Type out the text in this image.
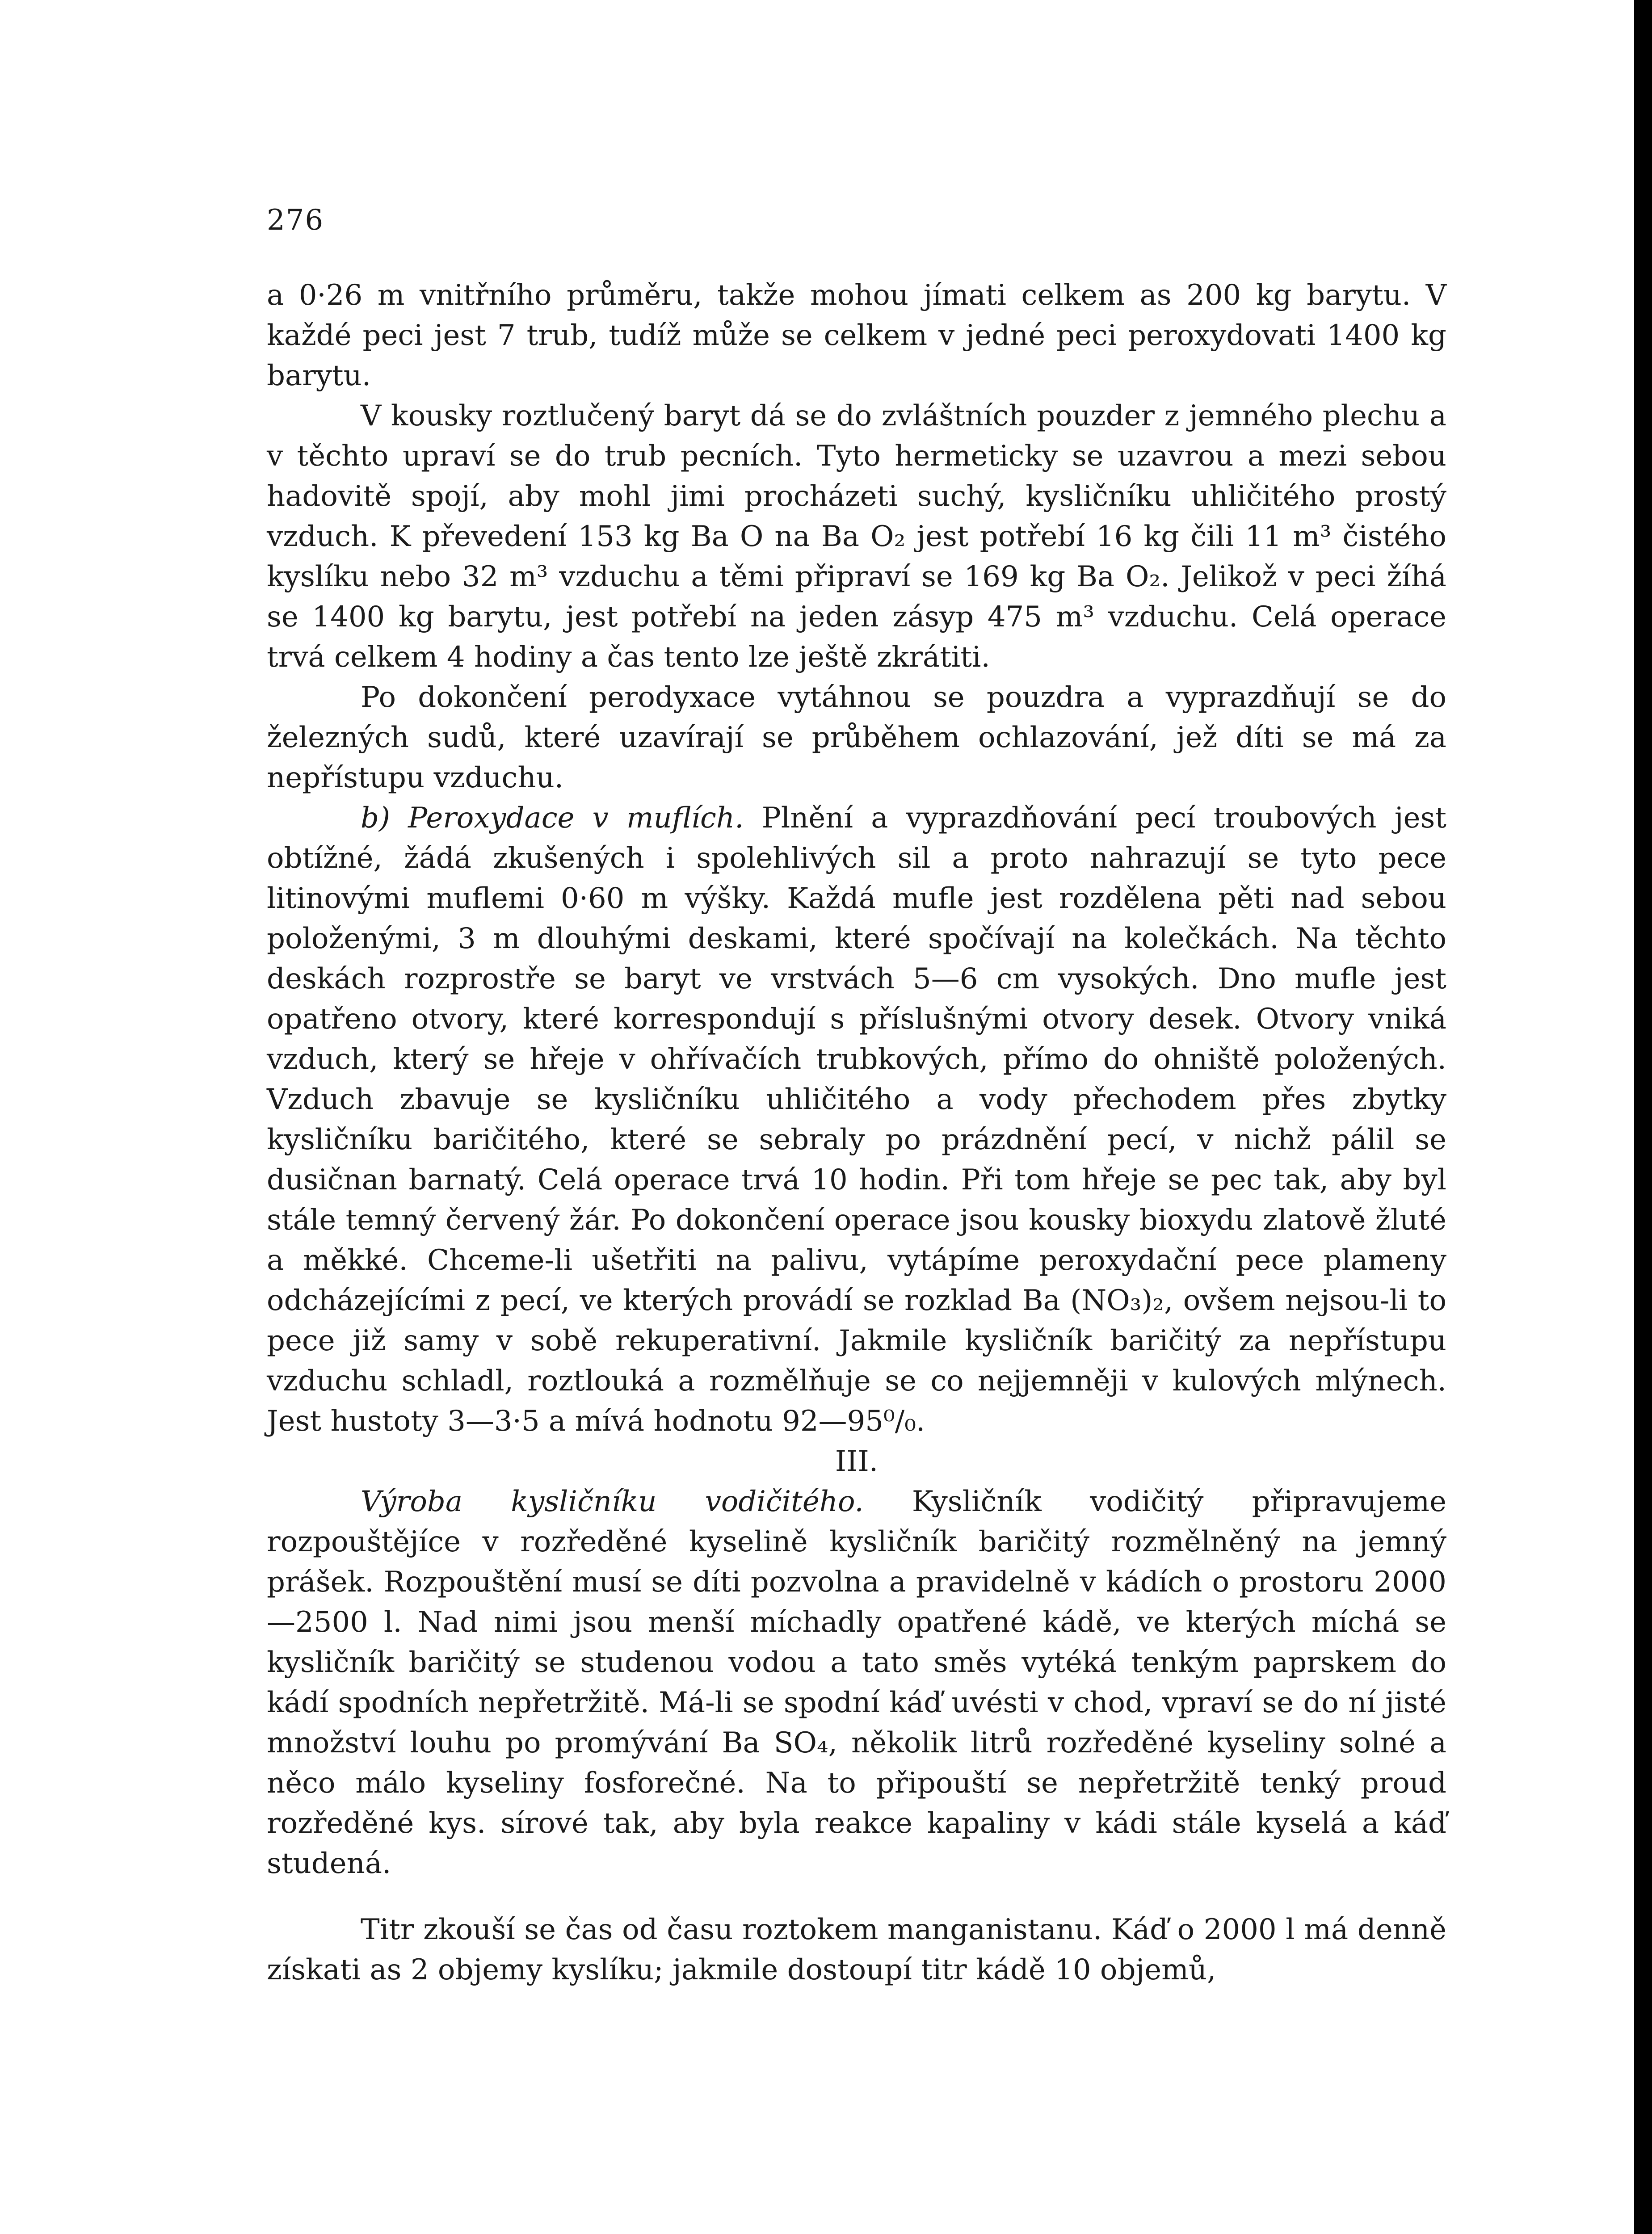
276

a 0·26 m vnitřního průměru, takže mohou jímati celkem as 200 kg barytu. V každé peci jest 7 trub, tudíž může se celkem v jedné peci peroxydovati 1400 kg barytu.

V kousky roztlučený baryt dá se do zvláštních pouzder z jemného plechu a v těchto upraví se do trub pecních. Tyto hermeticky se uzavrou a mezi sebou hadovitě spojí, aby mohl jimi procházeti suchý, kysličníku uhličitého prostý vzduch. K převedení 153 kg Ba O na Ba O₂ jest potřebí 16 kg čili 11 m³ čistého kyslíku nebo 32 m³ vzduchu a těmi připraví se 169 kg Ba O₂. Jelikož v peci žíhá se 1400 kg barytu, jest potřebí na jeden zásyp 475 m³ vzduchu. Celá operace trvá celkem 4 hodiny a čas tento lze ještě zkrátiti.

Po dokončení perodyxace vytáhnou se pouzdra a vyprazdňují se do železných sudů, které uzavírají se průběhem ochlazování, jež díti se má za nepřístupu vzduchu.

b) Peroxydace v muflích. Plnění a vyprazdňování pecí troubových jest obtížné, žádá zkušených i spolehlivých sil a proto nahrazují se tyto pece litinovými muflemi 0·60 m výšky. Každá mufle jest rozdělena pěti nad sebou položenými, 3 m dlouhými deskami, které spočívají na kolečkách. Na těchto deskách rozprostře se baryt ve vrstvách 5—6 cm vysokých. Dno mufle jest opatřeno otvory, které korrespondují s příslušnými otvory desek. Otvory vniká vzduch, který se hřeje v ohřívačích trubkových, přímo do ohniště položených. Vzduch zbavuje se kysličníku uhličitého a vody přechodem přes zbytky kysličníku baričitého, které se sebraly po prázdnění pecí, v nichž pálil se dusičnan barnatý. Celá operace trvá 10 hodin. Při tom hřeje se pec tak, aby byl stále temný červený žár. Po dokončení operace jsou kousky bioxydu zlatově žluté a měkké. Chceme-li ušetřiti na palivu, vytápíme peroxydační pece plameny odcházejícími z pecí, ve kterých provádí se rozklad Ba (NO₃)₂, ovšem nejsou-li to pece již samy v sobě rekuperativní. Jakmile kysličník baričitý za nepřístupu vzduchu schladl, roztlouká a rozmělňuje se co nejjemněji v kulových mlýnech. Jest hustoty 3—3·5 a mívá hodnotu 92—95⁰/₀.

III.

Výroba kysličníku vodičitého. Kysličník vodičitý připravujeme rozpouštějíce v rozředěné kyselině kysličník baričitý rozmělněný na jemný prášek. Rozpouštění musí se díti pozvolna a pravidelně v kádích o prostoru 2000—2500 l. Nad nimi jsou menší míchadly opatřené kádě, ve kterých míchá se kysličník baričitý se studenou vodou a tato směs vytéká tenkým paprskem do kádí spodních nepřetržitě. Má-li se spodní káď uvésti v chod, vpraví se do ní jisté množství louhu po promývání Ba SO₄, několik litrů rozředěné kyseliny solné a něco málo kyseliny fosforečné. Na to připouští se nepřetržitě tenký proud rozředěné kys. sírové tak, aby byla reakce kapaliny v kádi stále kyselá a káď studená.

Titr zkouší se čas od času roztokem manganistanu. Káď o 2000 l má denně získati as 2 objemy kyslíku; jakmile dostoupí titr kádě 10 objemů,
